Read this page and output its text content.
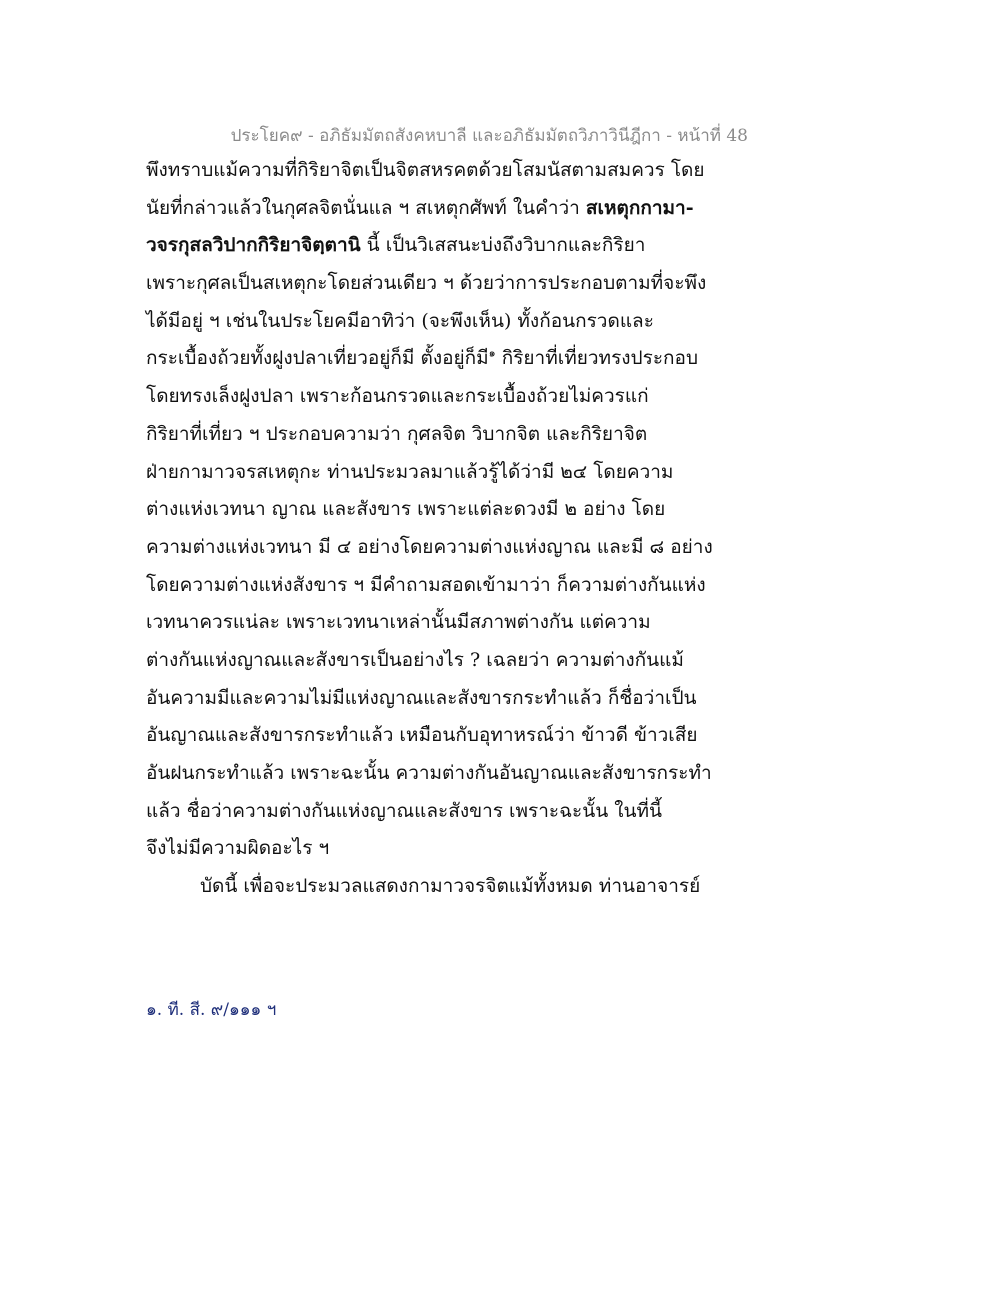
ประโยค๙ - อภิธัมมัตถสังคหบาลี และอภิธัมมัตถวิภาวินีฎีกา - หน้าที่ 48
พึงทราบแม้ความที่กิริยาจิตเป็นจิตสหรคตด้วยโสมนัสตามสมควร โดย
นัยที่กล่าวแล้วในกุศลจิตนั่นแล ฯ สเหตุกศัพท์ ในคำว่า สเหตุกกามา-
วจรกุสลวิปากกิริยาจิตฺตานิ นี้ เป็นวิเสสนะบ่งถึงวิบากและกิริยา
เพราะกุศลเป็นสเหตุกะโดยส่วนเดียว ฯ ด้วยว่าการประกอบตามที่จะพึง
ได้มีอยู่ ฯ เช่นในประโยคมีอาทิว่า (จะพึงเห็น) ทั้งก้อนกรวดและ
กระเบื้องถ้วยทั้งฝูงปลาเที่ยวอยู่ก็มี ตั้งอยู่ก็มี$^๑$ กิริยาที่เที่ยวทรงประกอบ
โดยทรงเล็งฝูงปลา เพราะก้อนกรวดและกระเบื้องถ้วยไม่ควรแก่
กิริยาที่เที่ยว ฯ ประกอบความว่า กุศลจิต วิบากจิต และกิริยาจิต
ฝ่ายกามาวจรสเหตุกะ ท่านประมวลมาแล้วรู้ได้ว่ามี ๒๔ โดยความ
ต่างแห่งเวทนา ญาณ และสังขาร เพราะแต่ละดวงมี ๒ อย่าง โดย
ความต่างแห่งเวทนา มี ๔ อย่างโดยความต่างแห่งญาณ และมี ๘ อย่าง
โดยความต่างแห่งสังขาร ฯ มีคำถามสอดเข้ามาว่า ก็ความต่างกันแห่ง
เวทนาควรแน่ละ เพราะเวทนาเหล่านั้นมีสภาพต่างกัน แต่ความ
ต่างกันแห่งญาณและสังขารเป็นอย่างไร ? เฉลยว่า ความต่างกันแม้
อันความมีและความไม่มีแห่งญาณและสังขารกระทำแล้ว ก็ชื่อว่าเป็น
อันญาณและสังขารกระทำแล้ว เหมือนกับอุทาหรณ์ว่า ข้าวดี ข้าวเสีย
อันฝนกระทำแล้ว เพราะฉะนั้น ความต่างกันอันญาณและสังขารกระทำ
แล้ว ชื่อว่าความต่างกันแห่งญาณและสังขาร เพราะฉะนั้น ในที่นี้
จึงไม่มีความผิดอะไร ฯ
บัดนี้ เพื่อจะประมวลแสดงกามาวจรจิตแม้ทั้งหมด ท่านอาจารย์
๑. ที. สี. ๙/๑๑๑ ฯ
